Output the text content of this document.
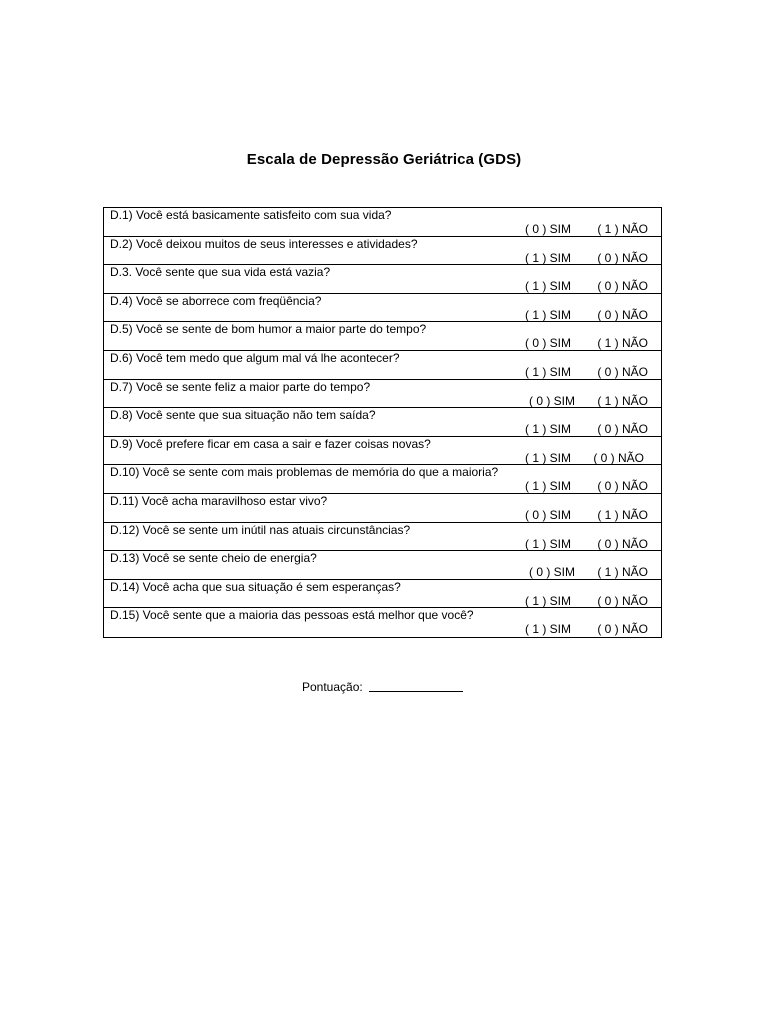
Escala de Depressão Geriátrica (GDS)
D.1) Você está basicamente satisfeito com sua vida?
( 0 ) SIM ( 1 ) NÃO
D.2) Você deixou muitos de seus interesses e atividades?
( 1 ) SIM ( 0 ) NÃO
D.3. Você sente que sua vida está vazia?
( 1 ) SIM ( 0 ) NÃO
D.4) Você se aborrece com freqüência?
( 1 ) SIM ( 0 ) NÃO
D.5) Você se sente de bom humor a maior parte do tempo?
( 0 ) SIM ( 1 ) NÃO
D.6) Você tem medo que algum mal vá lhe acontecer?
( 1 ) SIM ( 0 ) NÃO
D.7) Você se sente feliz a maior parte do tempo?
( 0 ) SIM ( 1 ) NÃO
D.8) Você sente que sua situação não tem saída?
( 1 ) SIM ( 0 ) NÃO
D.9) Você prefere ficar em casa a sair e fazer coisas novas?
( 1 ) SIM ( 0 ) NÃO
D.10) Você se sente com mais problemas de memória do que a maioria?
( 1 ) SIM ( 0 ) NÃO
D.11) Você acha maravilhoso estar vivo?
( 0 ) SIM ( 1 ) NÃO
D.12) Você se sente um inútil nas atuais circunstâncias?
( 1 ) SIM ( 0 ) NÃO
D.13) Você se sente cheio de energia?
( 0 ) SIM ( 1 ) NÃO
D.14) Você acha que sua situação é sem esperanças?
( 1 ) SIM ( 0 ) NÃO
D.15) Você sente que a maioria das pessoas está melhor que você?
( 1 ) SIM ( 0 ) NÃO
Pontuação:
